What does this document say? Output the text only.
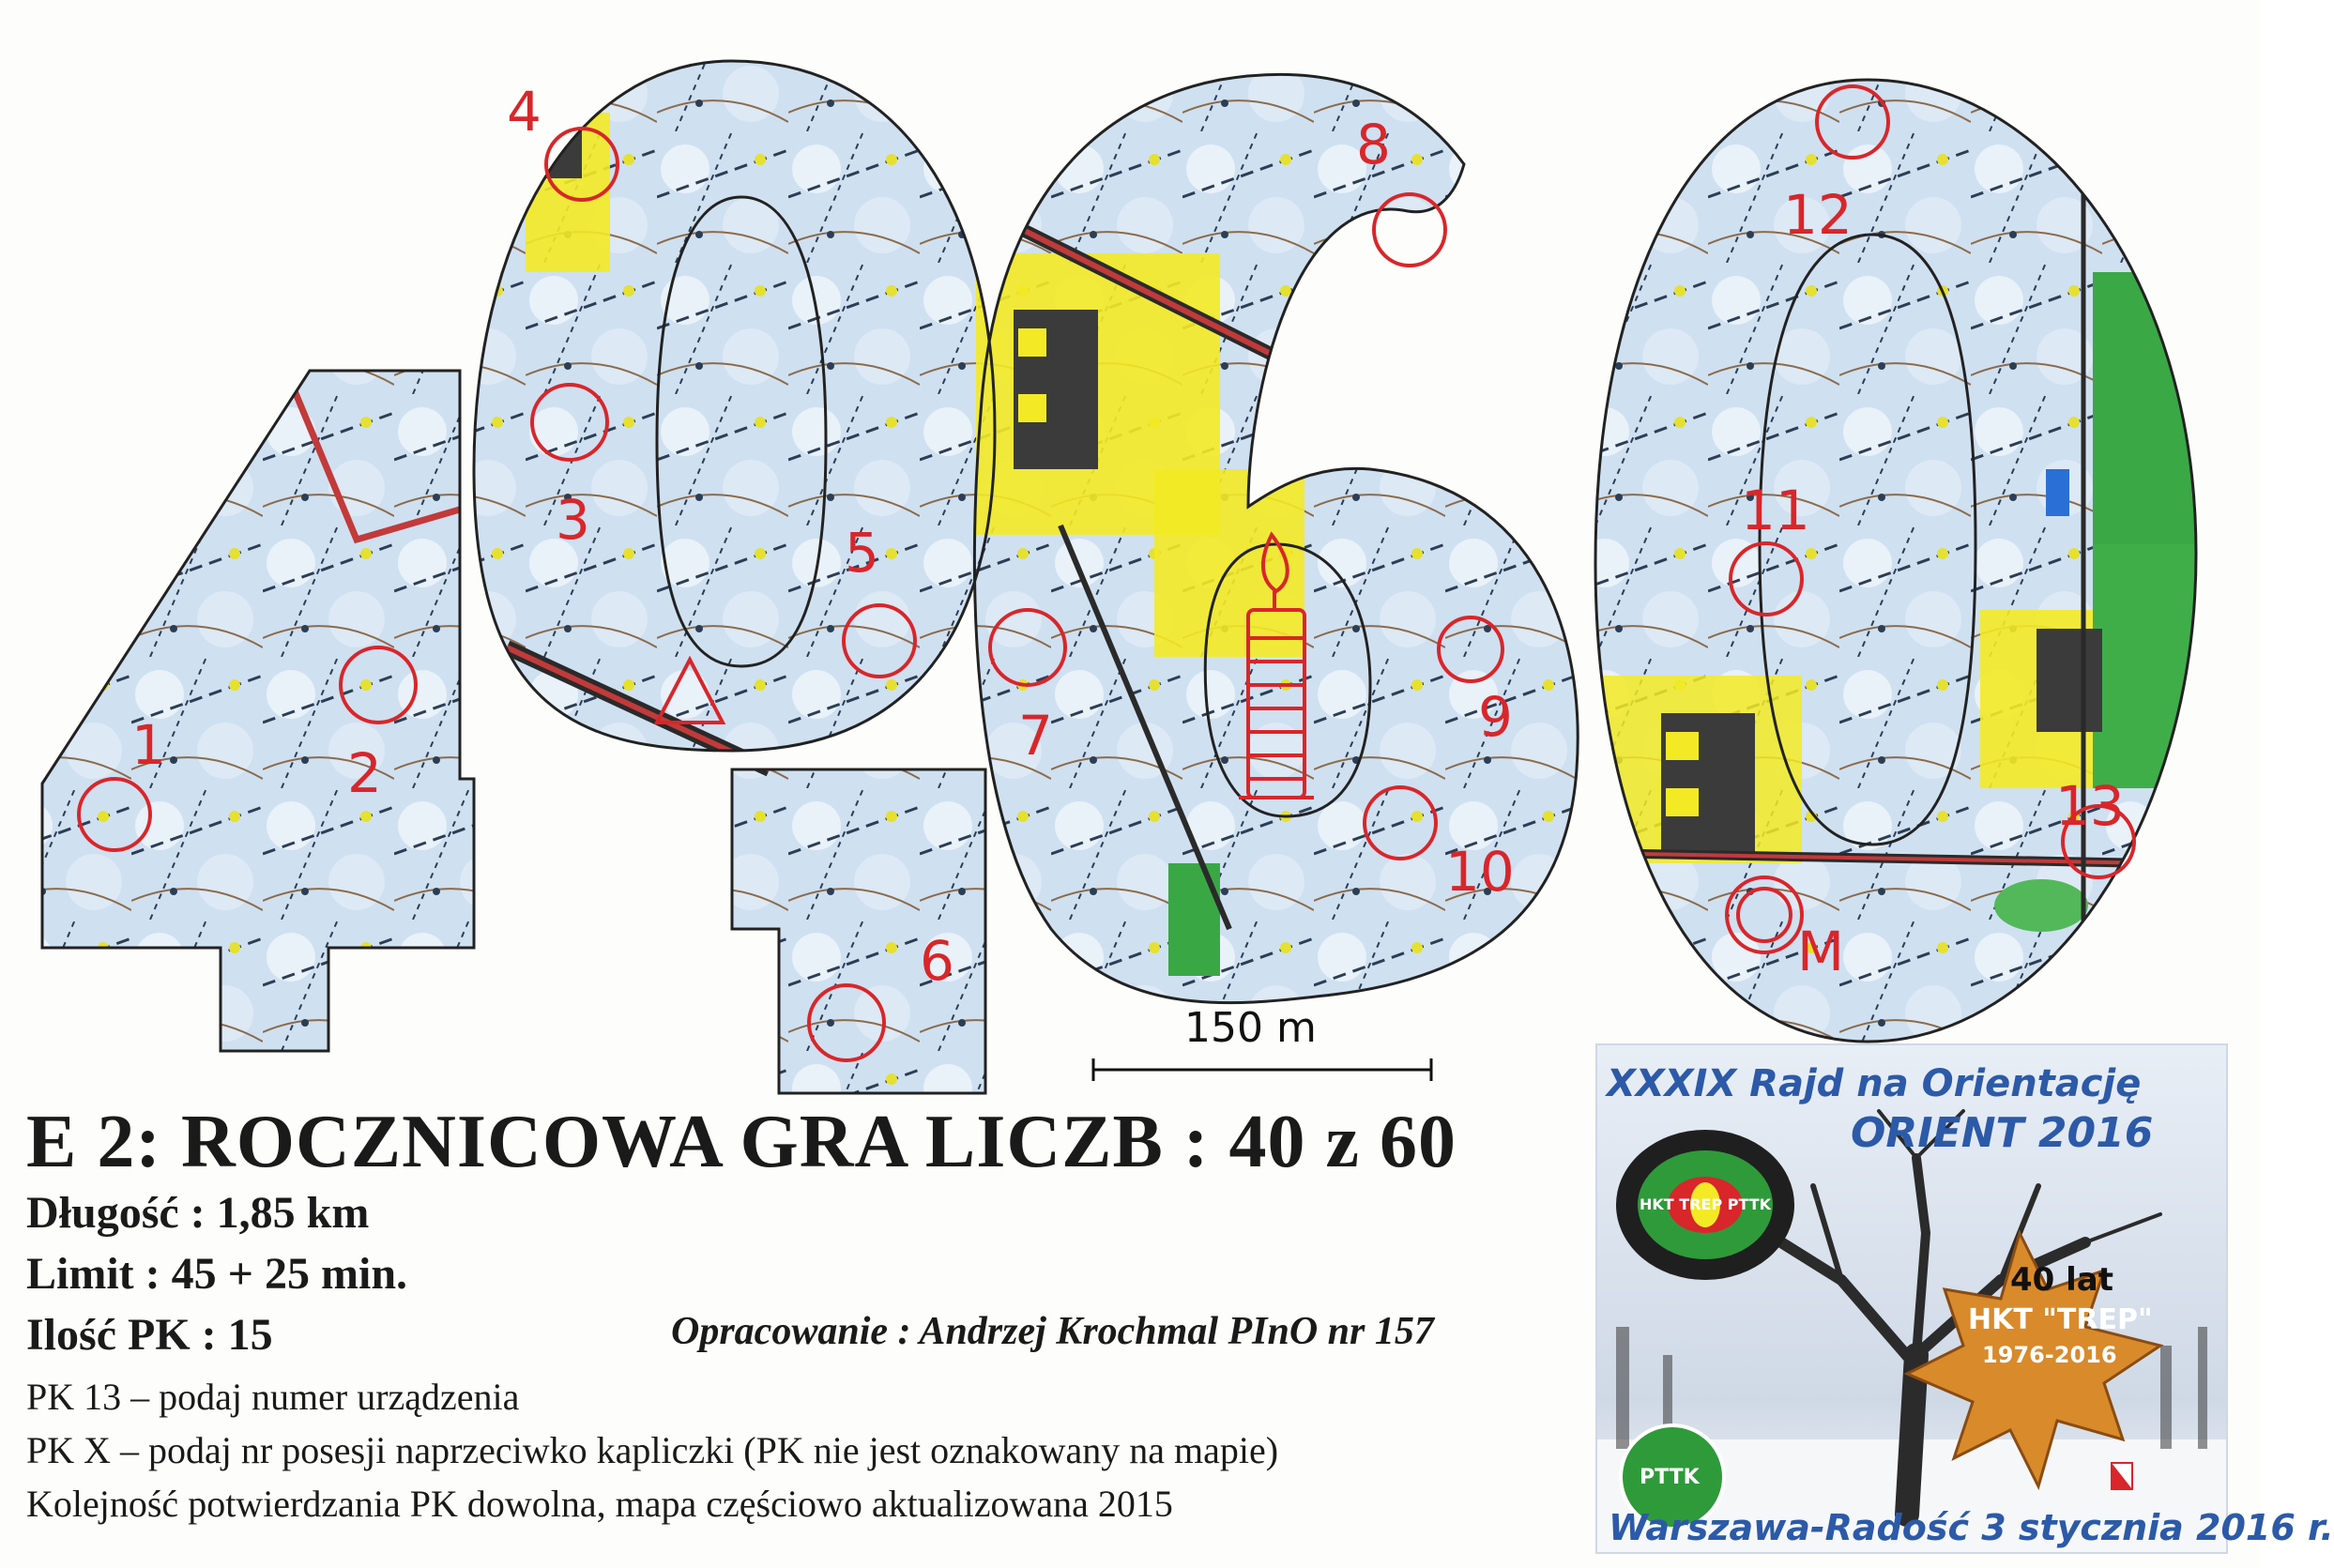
1	2
3
4
5
6
7
8
9
10
11
12
13
M
150 m
E 2: ROCZNICOWA GRA LICZB : 40 z 60
Długość : 1,85 km
Limit : 45 + 25 min.
Ilość PK : 15	Opracowanie : Andrzej Krochmal PInO nr 157
PK 13 – podaj numer urządzenia
PK X – podaj nr posesji naprzeciwko kapliczki (PK nie jest oznakowany na mapie)
Kolejność potwierdzania PK dowolna, mapa częściowo aktualizowana 2015
XXXIX Rajd na Orientację
ORIENT 2016
HKT TREP PTTK
40 lat
HKT "TREP"
1976-2016
PTTK
Warszawa-Radość 3 stycznia 2016 r.
